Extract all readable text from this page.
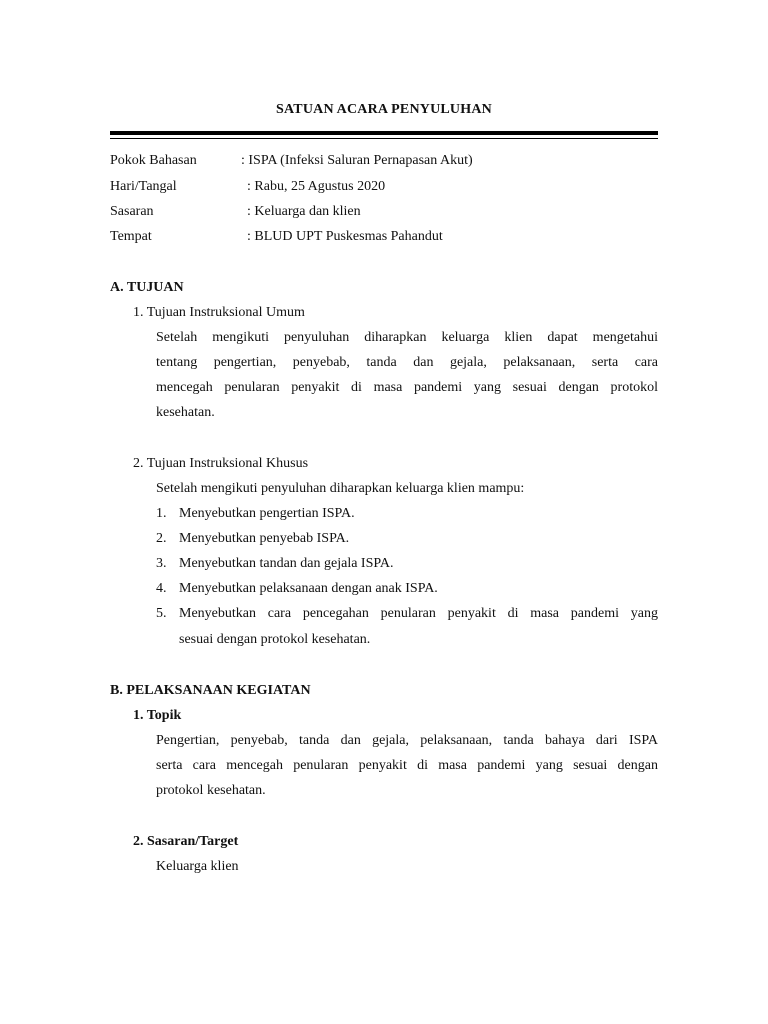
SATUAN ACARA PENYULUHAN
Pokok Bahasan	: ISPA (Infeksi Saluran Pernapasan Akut)
Hari/Tangal	: Rabu, 25 Agustus 2020
Sasaran	: Keluarga dan klien
Tempat	: BLUD UPT Puskesmas Pahandut
A. TUJUAN
1. Tujuan Instruksional Umum
Setelah mengikuti penyuluhan diharapkan keluarga klien dapat mengetahui
tentang pengertian, penyebab, tanda dan gejala, pelaksanaan, serta cara
mencegah penularan penyakit di masa pandemi yang sesuai dengan protokol
kesehatan.
2. Tujuan Instruksional Khusus
Setelah mengikuti penyuluhan diharapkan keluarga klien mampu:
1. Menyebutkan pengertian ISPA.
2. Menyebutkan penyebab ISPA.
3. Menyebutkan tandan dan gejala ISPA.
4. Menyebutkan pelaksanaan dengan anak ISPA.
5. Menyebutkan cara pencegahan penularan penyakit di masa pandemi yang
sesuai dengan protokol kesehatan.
B. PELAKSANAAN KEGIATAN
1. Topik
Pengertian, penyebab, tanda dan gejala, pelaksanaan, tanda bahaya dari ISPA
serta cara mencegah penularan penyakit di masa pandemi yang sesuai dengan
protokol kesehatan.
2. Sasaran/Target
Keluarga klien
